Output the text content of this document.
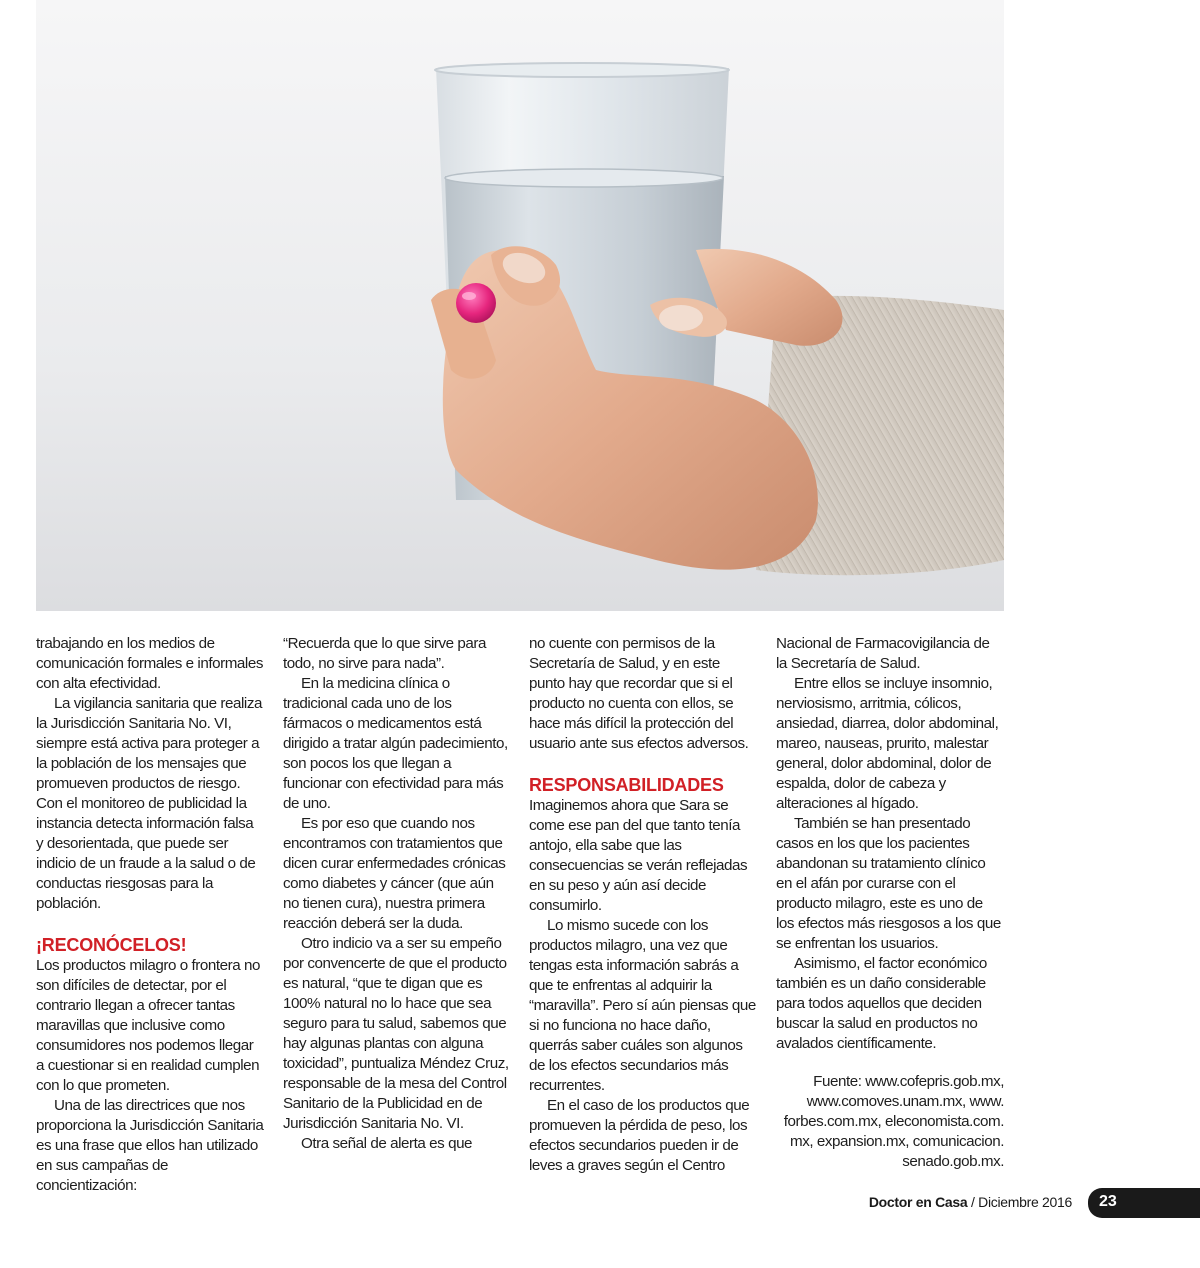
trabajando en los medios de comunicación formales e informales con alta efectividad.

La vigilancia sanitaria que realiza la Jurisdicción Sanitaria No. VI, siempre está activa para proteger a la población de los mensajes que promueven productos de riesgo. Con el monitoreo de publicidad la instancia detecta información falsa y desorientada, que puede ser indicio de un fraude a la salud o de conductas riesgosas para la población.

¡RECONÓCELOS!

Los productos milagro o frontera no son difíciles de detectar, por el contrario llegan a ofrecer tantas maravillas que inclusive como consumidores nos podemos llegar a cuestionar si en realidad cumplen con lo que prometen.

Una de las directrices que nos proporciona la Jurisdicción Sanitaria es una frase que ellos han utilizado en sus campañas de concientización:

“Recuerda que lo que sirve para todo, no sirve para nada”.

En la medicina clínica o tradicional cada uno de los fármacos o medicamentos está dirigido a tratar algún padecimiento, son pocos los que llegan a funcionar con efectividad para más de uno.

Es por eso que cuando nos encontramos con tratamientos que dicen curar enfermedades crónicas como diabetes y cáncer (que aún no tienen cura), nuestra primera reacción deberá ser la duda.

Otro indicio va a ser su empeño por convencerte de que el producto es natural, “que te digan que es 100% natural no lo hace que sea seguro para tu salud, sabemos que hay algunas plantas con alguna toxicidad”, puntualiza Méndez Cruz, responsable de la mesa del Control Sanitario de la Publicidad en de Jurisdicción Sanitaria No. VI.

Otra señal de alerta es que

no cuente con permisos de la Secretaría de Salud, y en este punto hay que recordar que si el producto no cuenta con ellos, se hace más difícil la protección del usuario ante sus efectos adversos.

RESPONSABILIDADES

Imaginemos ahora que Sara se come ese pan del que tanto tenía antojo, ella sabe que las consecuencias se verán reflejadas en su peso y aún así decide consumirlo.

Lo mismo sucede con los productos milagro, una vez que tengas esta información sabrás a que te enfrentas al adquirir la “maravilla”. Pero sí aún piensas que si no funciona no hace daño, querrás saber cuáles son algunos de los efectos secundarios más recurrentes.

En el caso de los productos que promueven la pérdida de peso, los efectos secundarios pueden ir de leves a graves según el Centro

Nacional de Farmacovigilancia de la Secretaría de Salud.

Entre ellos se incluye insomnio, nerviosismo, arritmia, cólicos, ansiedad, diarrea, dolor abdominal, mareo, nauseas, prurito, malestar general, dolor abdominal, dolor de espalda, dolor de cabeza y alteraciones al hígado.

También se han presentado casos en los que los pacientes abandonan su tratamiento clínico en el afán por curarse con el producto milagro, este es uno de los efectos más riesgosos a los que se enfrentan los usuarios.

Asimismo, el factor económico también es un daño considerable para todos aquellos que deciden buscar la salud en productos no avalados científicamente.

Fuente: www.cofepris.gob.mx, www.comoves.unam.mx, www. forbes.com.mx, eleconomista.com. mx, expansion.mx, comunicacion. senado.gob.mx.

Doctor en Casa / Diciembre 2016 23
